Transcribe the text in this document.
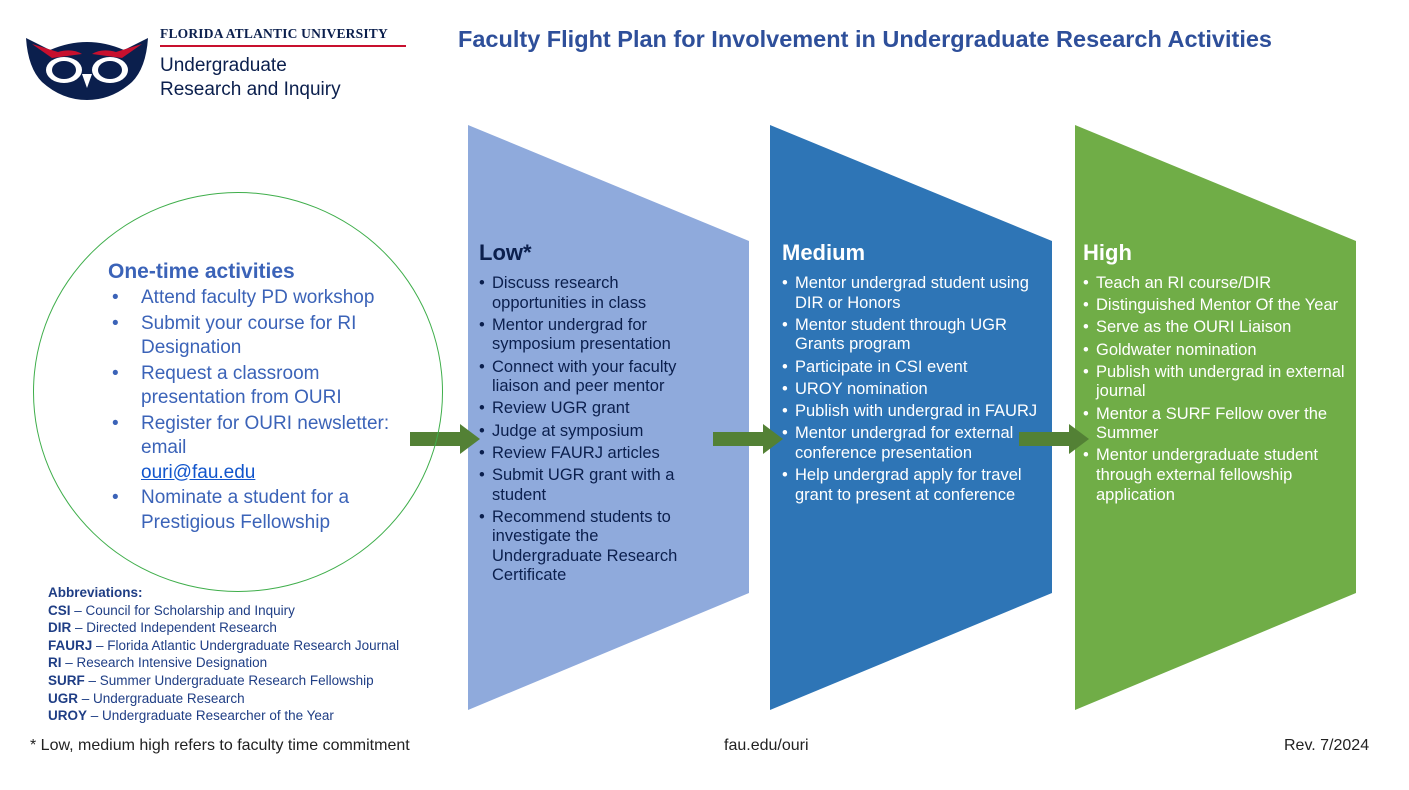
FLORIDA ATLANTIC UNIVERSITY
Undergraduate
Research and Inquiry
Faculty Flight Plan for Involvement in Undergraduate Research Activities
One-time activities
• Attend faculty PD workshop
• Submit your course for RI Designation
• Request a classroom presentation from OURI
• Register for OURI newsletter: email
ouri@fau.edu
• Nominate a student for a Prestigious Fellowship
Low*
• Discuss research opportunities in class
• Mentor undergrad for symposium presentation
• Connect with your faculty liaison and peer mentor
• Review UGR grant
• Judge at symposium
• Review FAURJ articles
• Submit UGR grant with a student
• Recommend students to investigate the Undergraduate Research Certificate
Medium
• Mentor undergrad student using DIR or Honors
• Mentor student through UGR Grants program
• Participate in CSI event
• UROY nomination
• Publish with undergrad in FAURJ
• Mentor undergrad for external conference presentation
• Help undergrad apply for travel grant to present at conference
High
• Teach an RI course/DIR
• Distinguished Mentor Of the Year
• Serve as the OURI Liaison
• Goldwater nomination
• Publish with undergrad in external journal
• Mentor a SURF Fellow over the Summer
• Mentor undergraduate student through external fellowship application
Abbreviations:
CSI – Council for Scholarship and Inquiry
DIR – Directed Independent Research
FAURJ – Florida Atlantic Undergraduate Research Journal
RI – Research Intensive Designation
SURF – Summer Undergraduate Research Fellowship
UGR – Undergraduate Research
UROY – Undergraduate Researcher of the Year
* Low, medium high refers to faculty time commitment	fau.edu/ouri	Rev. 7/2024
